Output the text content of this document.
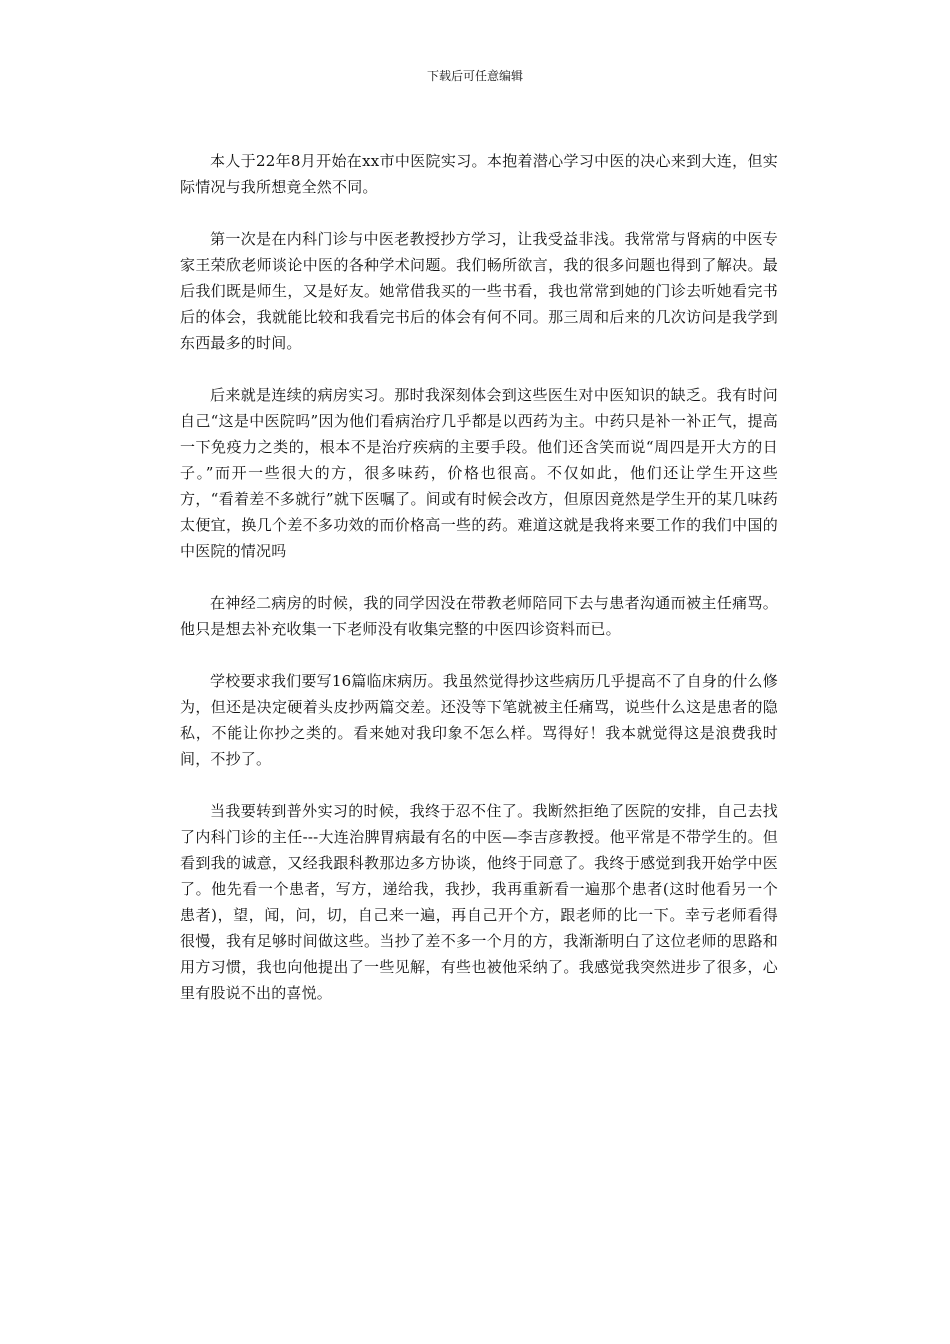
下载后可任意编辑

本人于22年8月开始在xx市中医院实习。本抱着潜心学习中医的决心来到大连，但实际情况与我所想竟全然不同。

第一次是在内科门诊与中医老教授抄方学习，让我受益非浅。我常常与肾病的中医专家王荣欣老师谈论中医的各种学术问题。我们畅所欲言，我的很多问题也得到了解决。最后我们既是师生，又是好友。她常借我买的一些书看，我也常常到她的门诊去听她看完书后的体会，我就能比较和我看完书后的体会有何不同。那三周和后来的几次访问是我学到东西最多的时间。

后来就是连续的病房实习。那时我深刻体会到这些医生对中医知识的缺乏。我有时问自己“这是中医院吗”因为他们看病治疗几乎都是以西药为主。中药只是补一补正气，提高一下免疫力之类的，根本不是治疗疾病的主要手段。他们还含笑而说“周四是开大方的日子。”而开一些很大的方，很多味药，价格也很高。不仅如此，他们还让学生开这些方，“看着差不多就行”就下医嘱了。间或有时候会改方，但原因竟然是学生开的某几味药太便宜，换几个差不多功效的而价格高一些的药。难道这就是我将来要工作的我们中国的中医院的情况吗

在神经二病房的时候，我的同学因没在带教老师陪同下去与患者沟通而被主任痛骂。他只是想去补充收集一下老师没有收集完整的中医四诊资料而已。

学校要求我们要写16篇临床病历。我虽然觉得抄这些病历几乎提高不了自身的什么修为，但还是决定硬着头皮抄两篇交差。还没等下笔就被主任痛骂，说些什么这是患者的隐私，不能让你抄之类的。看来她对我印象不怎么样。骂得好！我本就觉得这是浪费我时间，不抄了。

当我要转到普外实习的时候，我终于忍不住了。我断然拒绝了医院的安排，自己去找了内科门诊的主任---大连治脾胃病最有名的中医—李吉彦教授。他平常是不带学生的。但看到我的诚意，又经我跟科教那边多方协谈，他终于同意了。我终于感觉到我开始学中医了。他先看一个患者，写方，递给我，我抄，我再重新看一遍那个患者(这时他看另一个患者)，望，闻，问，切，自己来一遍，再自己开个方，跟老师的比一下。幸亏老师看得很慢，我有足够时间做这些。当抄了差不多一个月的方，我渐渐明白了这位老师的思路和用方习惯，我也向他提出了一些见解，有些也被他采纳了。我感觉我突然进步了很多，心里有股说不出的喜悦。
